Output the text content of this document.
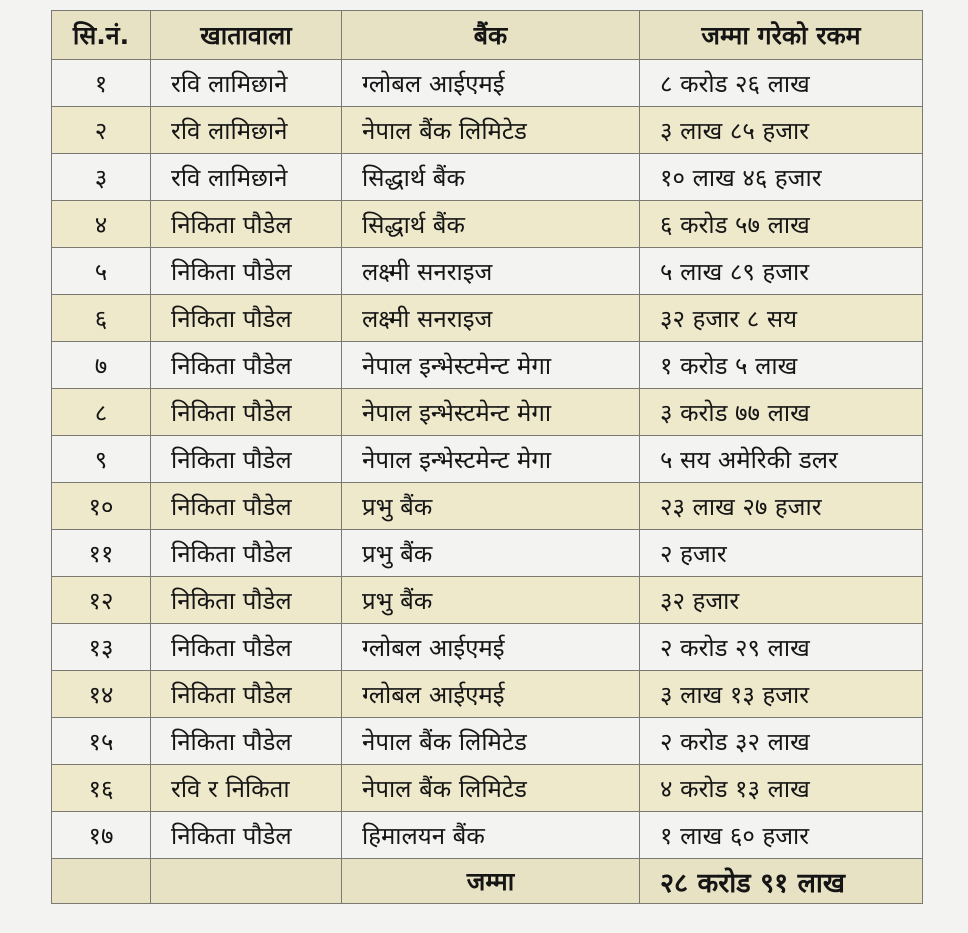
सि.नं.	खातावाला	बैंक	जम्मा गरेको रकम
१	रवि लामिछाने	ग्लोबल आईएमई	८ करोड २६ लाख
२	रवि लामिछाने	नेपाल बैंक लिमिटेड	३ लाख ८५ हजार
३	रवि लामिछाने	सिद्धार्थ बैंक	१० लाख ४६ हजार
४	निकिता पौडेल	सिद्धार्थ बैंक	६ करोड ५७ लाख
५	निकिता पौडेल	लक्ष्मी सनराइज	५ लाख ८९ हजार
६	निकिता पौडेल	लक्ष्मी सनराइज	३२ हजार ८ सय
७	निकिता पौडेल	नेपाल इन्भेस्टमेन्ट मेगा	१ करोड ५ लाख
८	निकिता पौडेल	नेपाल इन्भेस्टमेन्ट मेगा	३ करोड ७७ लाख
९	निकिता पौडेल	नेपाल इन्भेस्टमेन्ट मेगा	५ सय अमेरिकी डलर
१०	निकिता पौडेल	प्रभु बैंक	२३ लाख २७ हजार
११	निकिता पौडेल	प्रभु बैंक	२ हजार
१२	निकिता पौडेल	प्रभु बैंक	३२ हजार
१३	निकिता पौडेल	ग्लोबल आईएमई	२ करोड २९ लाख
१४	निकिता पौडेल	ग्लोबल आईएमई	३ लाख १३ हजार
१५	निकिता पौडेल	नेपाल बैंक लिमिटेड	२ करोड ३२ लाख
१६	रवि र निकिता	नेपाल बैंक लिमिटेड	४ करोड १३ लाख
१७	निकिता पौडेल	हिमालयन बैंक	१ लाख ६० हजार
		जम्मा	२८ करोड ९१ लाख
